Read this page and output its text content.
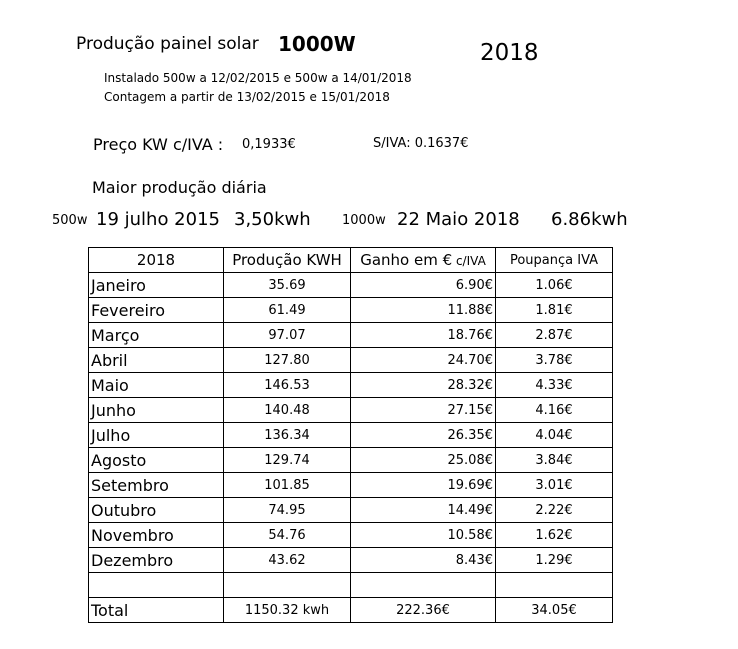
Produção painel solar 1000W	2018
Instalado 500w a 12/02/2015 e 500w a 14/01/2018
Contagem a partir de 13/02/2015 e 15/01/2018
Preço KW c/IVA : 0,1933€	S/IVA: 0.1637€
Maior produção diária
500w 19 julho 2015 3,50kwh 1000w 22 Maio 2018 6.86kwh
2018	Produção KWH	Ganho em € c/IVA	Poupança IVA
Janeiro	35.69	6.90€	1.06€
Fevereiro	61.49	11.88€	1.81€
Março	97.07	18.76€	2.87€
Abril	127.80	24.70€	3.78€
Maio	146.53	28.32€	4.33€
Junho	140.48	27.15€	4.16€
Julho	136.34	26.35€	4.04€
Agosto	129.74	25.08€	3.84€
Setembro	101.85	19.69€	3.01€
Outubro	74.95	14.49€	2.22€
Novembro	54.76	10.58€	1.62€
Dezembro	43.62	8.43€	1.29€

Total	1150.32 kwh	222.36€	34.05€
